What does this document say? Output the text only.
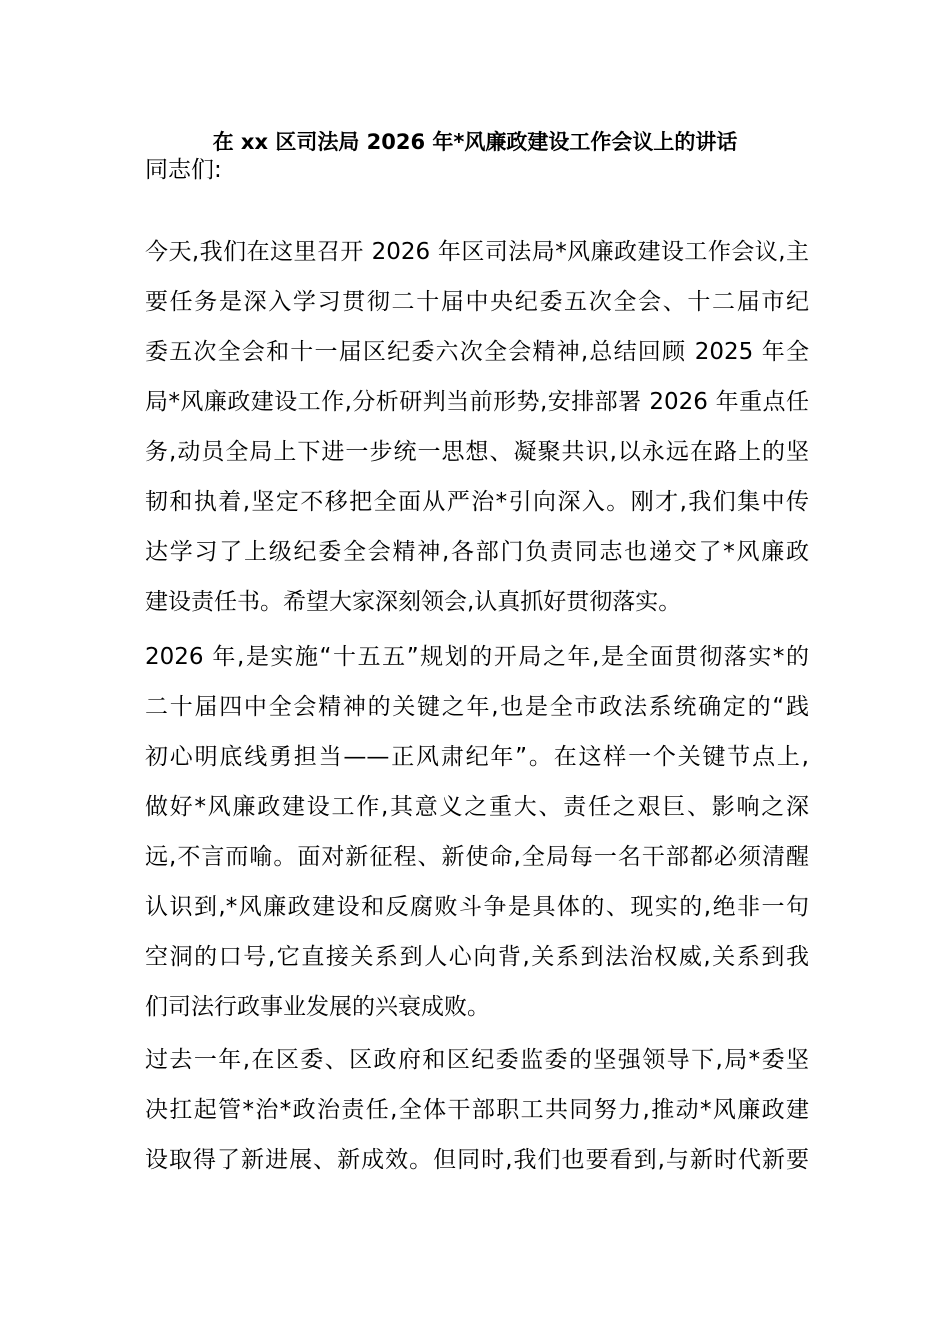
在 xx 区司法局 2026 年*风廉政建设工作会议上的讲话

同志们:

今天,我们在这里召开 2026 年区司法局*风廉政建设工作会议,主
要任务是深入学习贯彻二十届中央纪委五次全会、十二届市纪
委五次全会和十一届区纪委六次全会精神,总结回顾 2025 年全
局*风廉政建设工作,分析研判当前形势,安排部署 2026 年重点任
务,动员全局上下进一步统一思想、凝聚共识,以永远在路上的坚
韧和执着,坚定不移把全面从严治*引向深入。刚才,我们集中传
达学习了上级纪委全会精神,各部门负责同志也递交了*风廉政
建设责任书。希望大家深刻领会,认真抓好贯彻落实。
2026 年,是实施“十五五”规划的开局之年,是全面贯彻落实*的
二十届四中全会精神的关键之年,也是全市政法系统确定的“践
初心明底线勇担当——正风肃纪年”。在这样一个关键节点上,
做好*风廉政建设工作,其意义之重大、责任之艰巨、影响之深
远,不言而喻。面对新征程、新使命,全局每一名干部都必须清醒
认识到,*风廉政建设和反腐败斗争是具体的、现实的,绝非一句
空洞的口号,它直接关系到人心向背,关系到法治权威,关系到我
们司法行政事业发展的兴衰成败。
过去一年,在区委、区政府和区纪委监委的坚强领导下,局*委坚
决扛起管*治*政治责任,全体干部职工共同努力,推动*风廉政建
设取得了新进展、新成效。但同时,我们也要看到,与新时代新要
